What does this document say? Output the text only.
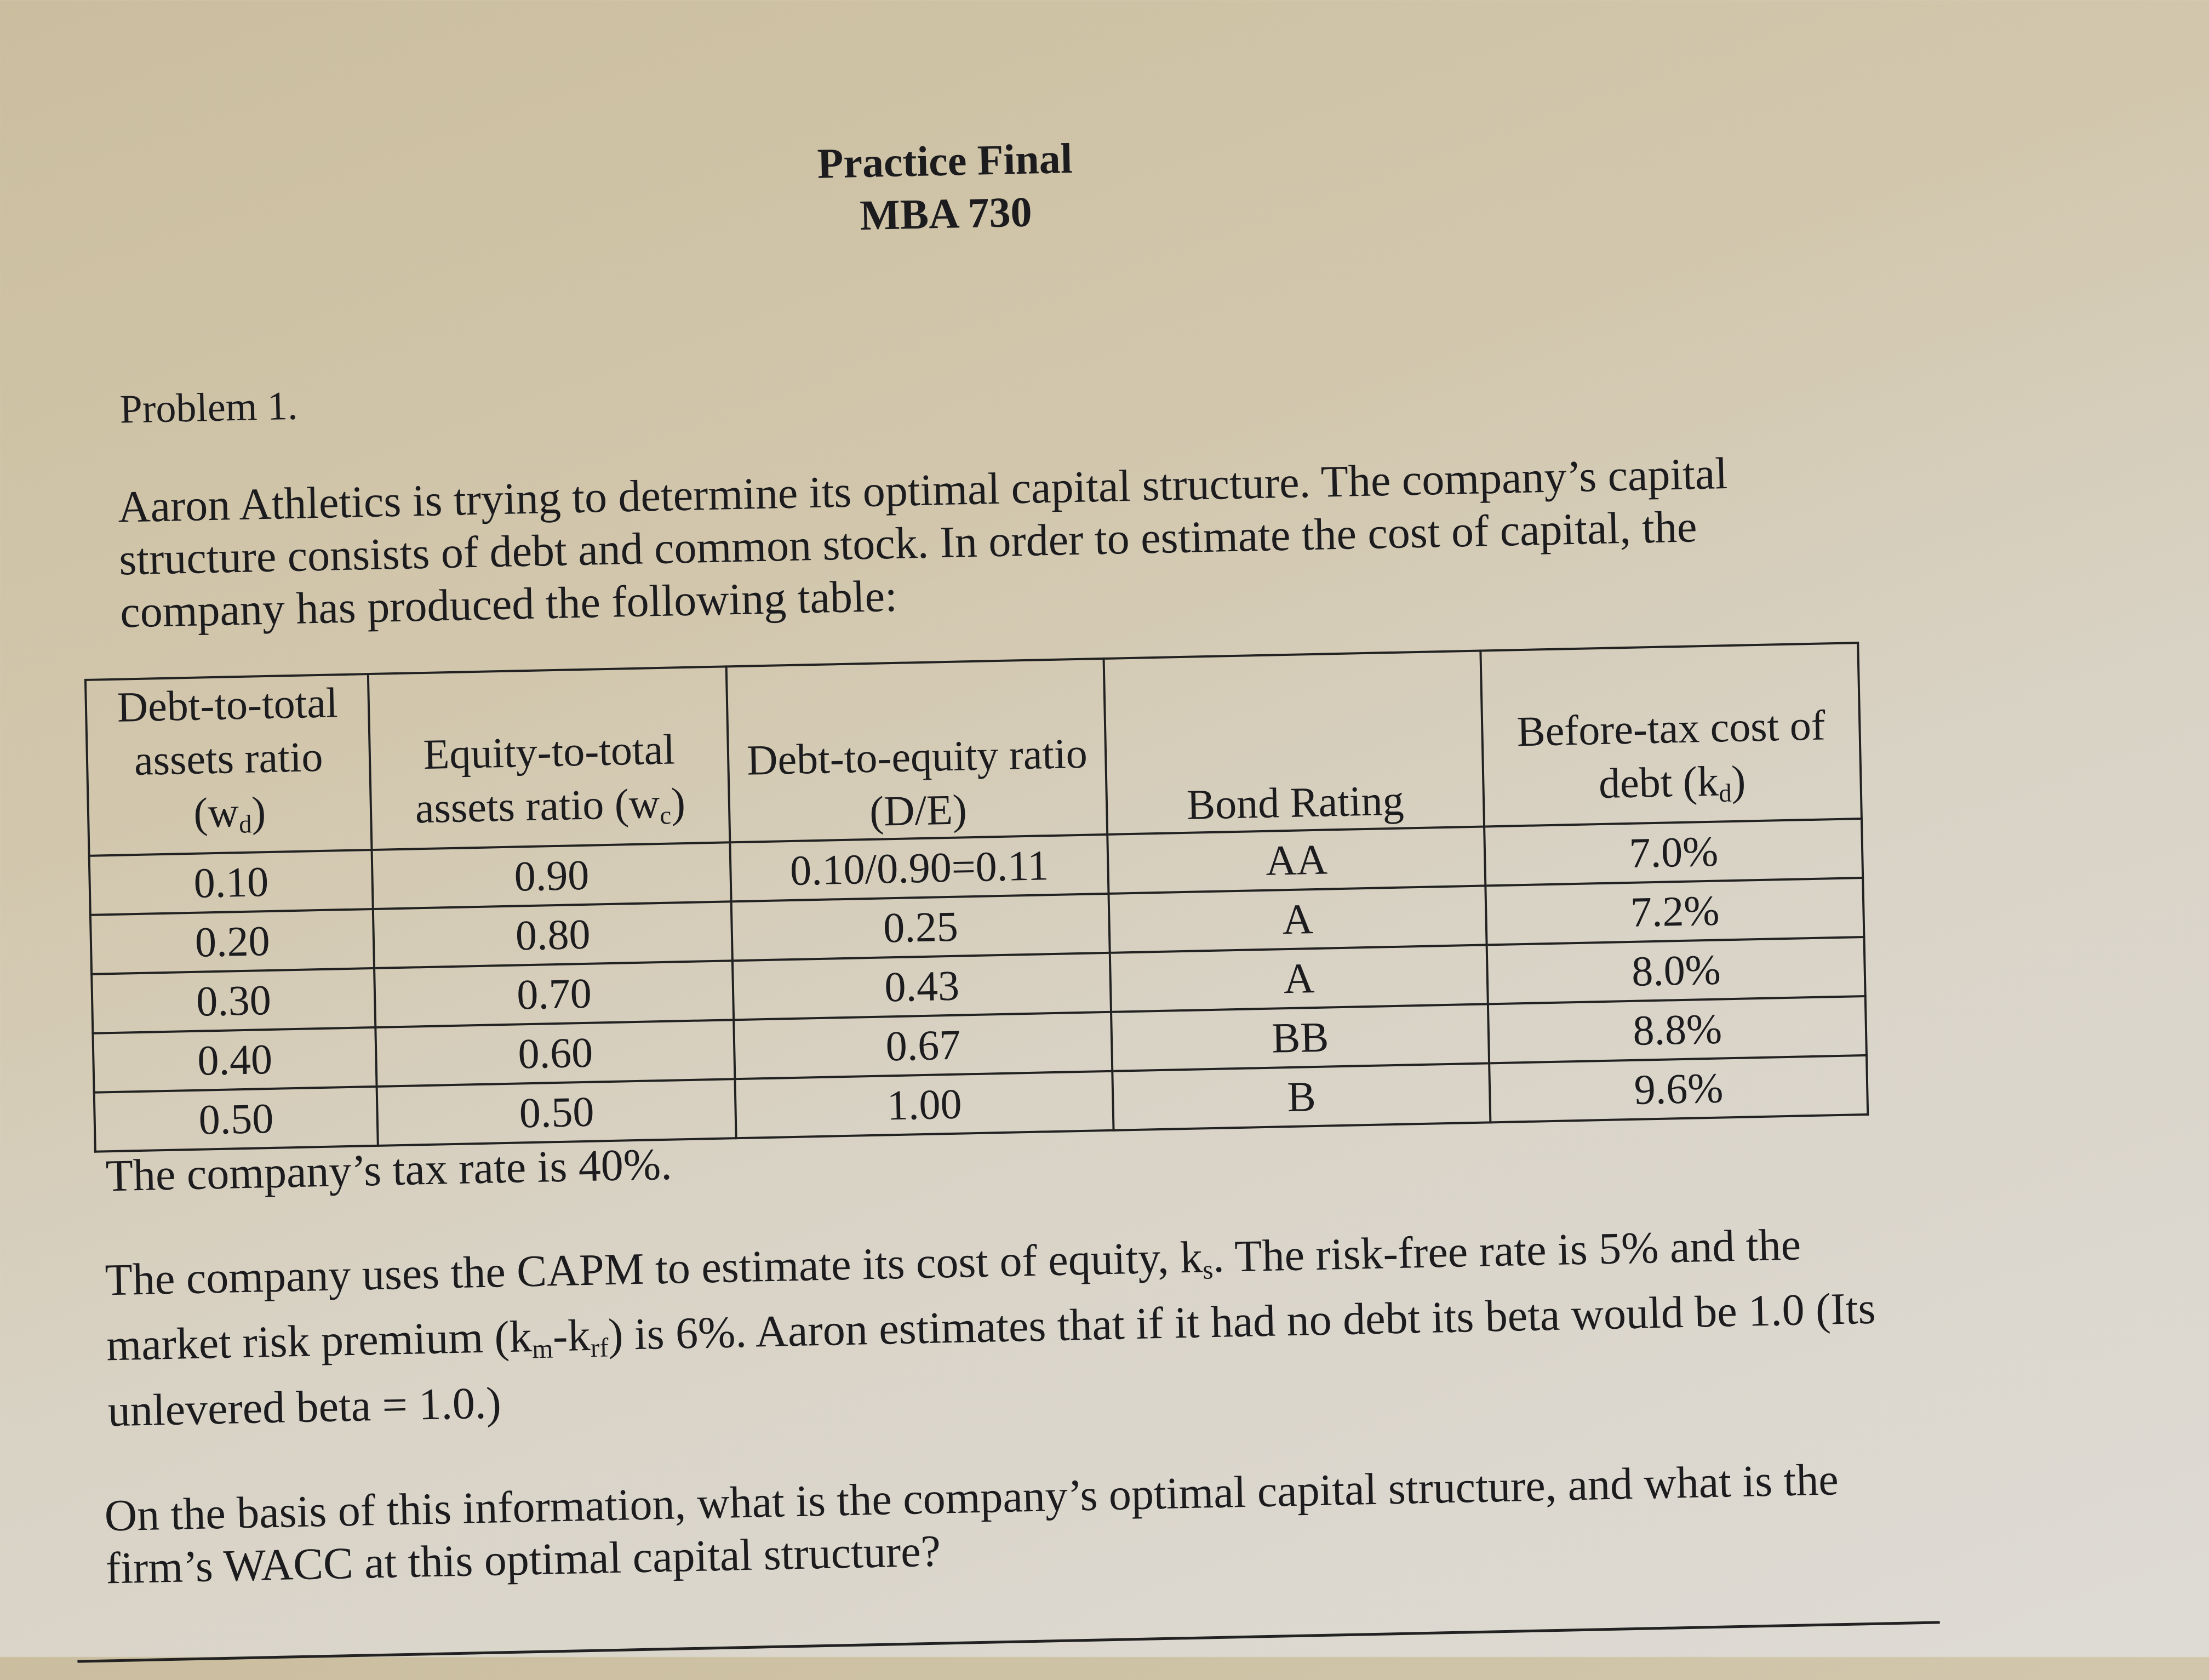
Practice Final
MBA 730
Problem 1.

Aaron Athletics is trying to determine its optimal capital structure. The company’s capital structure consists of debt and common stock. In order to estimate the cost of capital, the company has produced the following table:

Debt-to-total assets ratio $(w_d)$	Equity-to-total assets ratio $(w_c)$	Debt-to-equity ratio (D/E)	Bond Rating	Before-tax cost of debt $(k_d)$
0.10	0.90	0.10/0.90=0.11	AA	7.0%
0.20	0.80	0.25	A	7.2%
0.30	0.70	0.43	A	8.0%
0.40	0.60	0.67	BB	8.8%
0.50	0.50	1.00	B	9.6%

The company’s tax rate is 40%.

The company uses the CAPM to estimate its cost of equity, $k_s$. The risk-free rate is 5% and the market risk premium $(k_m-k_{rf})$ is 6%. Aaron estimates that if it had no debt its beta would be 1.0 (Its unlevered beta = 1.0.)

On the basis of this information, what is the company’s optimal capital structure, and what is the firm’s WACC at this optimal capital structure?
